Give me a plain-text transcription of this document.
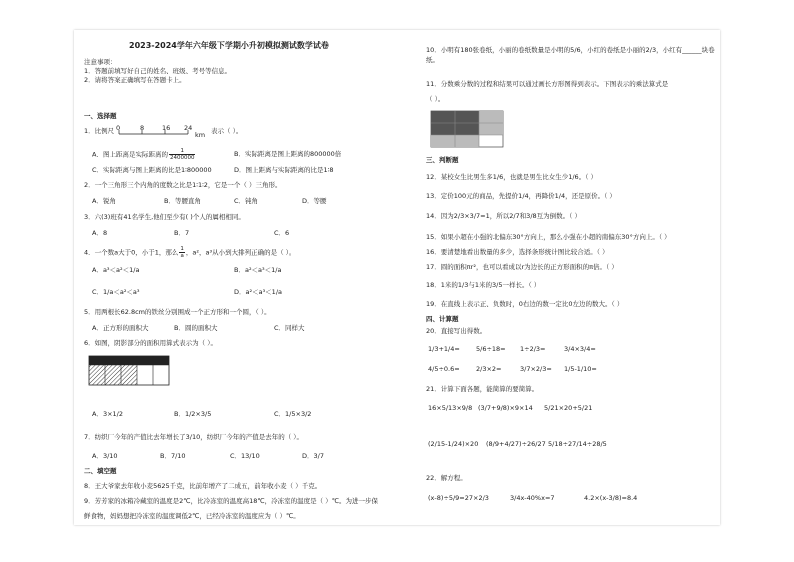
2023-2024学年六年级下学期小升初模拟测试数学试卷
注意事项：
1．答题前填写好自己的姓名、班级、考号等信息。
2．请将答案正确填写在答题卡上。
一、选择题
1．比例尺 0	8	16 24
km 表示（ ）。
A．图上距离是实际距离的 $\frac{1}{2400000}$	B．实际距离是图上距离的800000倍
C．实际距离与图上距离的比是1∶800000	D．图上距离与实际距离的比是1∶8
2．一个三角形三个内角的度数之比是1∶1∶2，它是一个（ ）三角形。
A．锐角	B．等腰直角	C．钝角	D．等腰
3．六(3)班有41名学生,他们至少有( )个人的属相相同。
A．8	B．7	C．6
4．一个数a大于0，小于1，那么 $\frac{1}{a}$ ，a²，a³从小到大排列正确的是（ ）。
A．a³＜a²＜1/a	B．a²＜a³＜1/a
C．1/a＜a²＜a³	D．a²＜a³＜1/a
5．用两根长62.8cm的铁丝分别围成一个正方形和一个圆，（ ）。
A．正方形的面积大	B．圆的面积大	C．同样大
6．如图，阴影部分的面积用算式表示为（ ）。
A．3×1/2	B．1/2×3/5	C．1/5×3/2
7．纺织厂今年的产值比去年增长了3/10，纺织厂今年的产值是去年的（ ）。
A．3/10	B．7/10	C．13/10	D．3/7
二、填空题
8．王大爷家去年收小麦5625千克，比前年增产了二成五，前年收小麦（ ）千克。
9．芳芳家的冰箱冷藏室的温度是2℃，比冷冻室的温度高18℃，冷冻室的温度是（ ）℃。为进一步保
鲜食物，妈妈想把冷冻室的温度调低2℃，已经冷冻室的温度应为（ ）℃。
10．小明有180张卷纸，小丽的卷纸数量是小明的5/6，小红的卷纸是小丽的2/3，小红有______块卷
纸。
11．分数乘分数的过程和结果可以通过画长方形图得到表示。下图表示的乘法算式是
（ ）。
三、判断题
12．某校女生比男生多1/6，也就是男生比女生少1/6。（ ）
13．定价100元的商品，先提价1/4，再降价1/4，还是原价。（ ）
14．因为2/3×3/7=1，所以2/7和3/8互为倒数。（ ）
15．如果小超在小强的北偏东30°方向上，那么小强在小超的南偏东30°方向上。（ ）
16．要清楚地看出数量的多少，选择条形统计图比较合适。（ ）
17．圆的面积πr²，也可以看成以r为边长的正方形面积的π倍。（ ）
18．1米的1/3与1米的3/5一样长。（ ）
19．在直线上表示正、负数时，0右边的数一定比0左边的数大。（ ）
四、计算题
20．直接写出得数。
1/3+1/4= 5/6÷18= 1÷2/3=	3/4×3/4=
4/5÷0.6=	2/3×2=	3/7×2/3= 1/5-1/10=
21．计算下面各题，能简算的要简算。
16×5/13×9/8 (3/7+9/8)×9×14 5/21×20+5/21
(2/15-1/24)×20 (8/9+4/27)÷26/27 5/18÷27/14÷28/5
22．解方程。
(x-8)÷5/9=27×2/3	3/4x-40%x=7	4.2×(x-3/8)=8.4
